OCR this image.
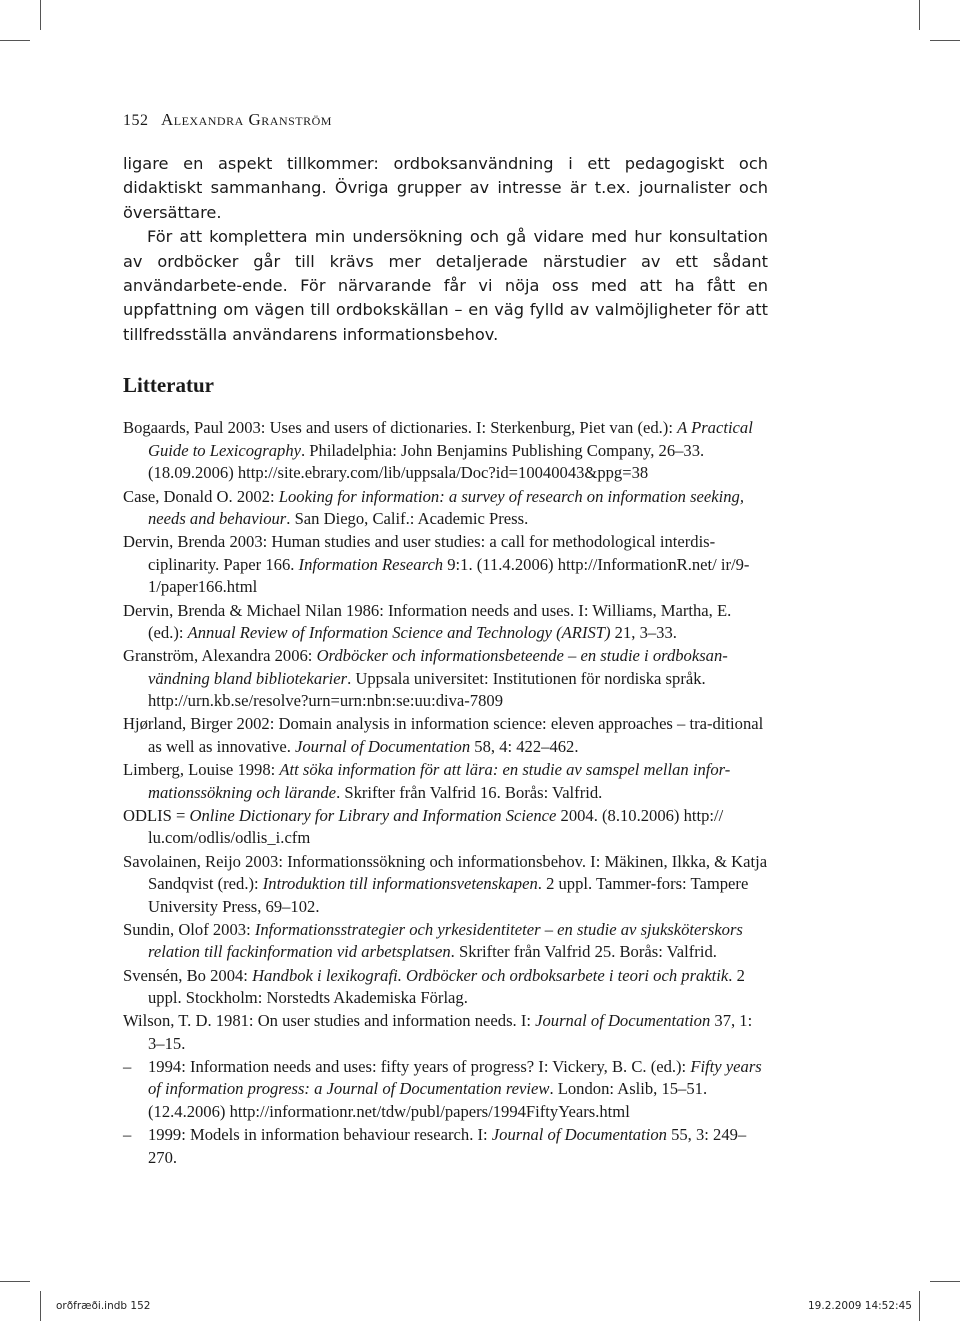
152 Alexandra Granström
ligare en aspekt tillkommer: ordboksanvändning i ett pedagogiskt och didaktiskt sammanhang. Övriga grupper av intresse är t.ex. journalister och översättare.
För att komplettera min undersökning och gå vidare med hur konsultation av ordböcker går till krävs mer detaljerade närstudier av ett sådant användarbete-ende. För närvarande får vi nöja oss med att ha fått en uppfattning om vägen till ordbokskällan – en väg fylld av valmöjligheter för att tillfredsställa användarens informationsbehov.
Litteratur
Bogaards, Paul 2003: Uses and users of dictionaries. I: Sterkenburg, Piet van (ed.): A Practical Guide to Lexicography. Philadelphia: John Benjamins Publishing Company, 26–33. (18.09.2006) http://site.ebrary.com/lib/uppsala/Doc?id=10040043&ppg=38
Case, Donald O. 2002: Looking for information: a survey of research on information seeking, needs and behaviour. San Diego, Calif.: Academic Press.
Dervin, Brenda 2003: Human studies and user studies: a call for methodological interdis-ciplinarity. Paper 166. Information Research 9:1. (11.4.2006) http://InformationR.net/ ir/9-1/paper166.html
Dervin, Brenda & Michael Nilan 1986: Information needs and uses. I: Williams, Martha, E. (ed.): Annual Review of Information Science and Technology (ARIST) 21, 3–33.
Granström, Alexandra 2006: Ordböcker och informationsbeteende – en studie i ordboksan-vändning bland bibliotekarier. Uppsala universitet: Institutionen för nordiska språk. http://urn.kb.se/resolve?urn=urn:nbn:se:uu:diva-7809
Hjørland, Birger 2002: Domain analysis in information science: eleven approaches – tra-ditional as well as innovative. Journal of Documentation 58, 4: 422–462.
Limberg, Louise 1998: Att söka information för att lära: en studie av samspel mellan infor-mationssökning och lärande. Skrifter från Valfrid 16. Borås: Valfrid.
ODLIS = Online Dictionary for Library and Information Science 2004. (8.10.2006) http:// lu.com/odlis/odlis_i.cfm
Savolainen, Reijo 2003: Informationssökning och informationsbehov. I: Mäkinen, Ilkka, & Katja Sandqvist (red.): Introduktion till informationsvetenskapen. 2 uppl. Tammer-fors: Tampere University Press, 69–102.
Sundin, Olof 2003: Informationsstrategier och yrkesidentiteter – en studie av sjuksköterskors relation till fackinformation vid arbetsplatsen. Skrifter från Valfrid 25. Borås: Valfrid.
Svensén, Bo 2004: Handbok i lexikografi. Ordböcker och ordboksarbete i teori och praktik. 2 uppl. Stockholm: Norstedts Akademiska Förlag.
Wilson, T. D. 1981: On user studies and information needs. I: Journal of Documentation 37, 1: 3–15.
– 1994: Information needs and uses: fifty years of progress? I: Vickery, B. C. (ed.): Fifty years of information progress: a Journal of Documentation review. London: Aslib, 15–51. (12.4.2006) http://informationr.net/tdw/publ/papers/1994FiftyYears.html
– 1999: Models in information behaviour research. I: Journal of Documentation 55, 3: 249–270.
orðfræði.indb 152	19.2.2009 14:52:45
